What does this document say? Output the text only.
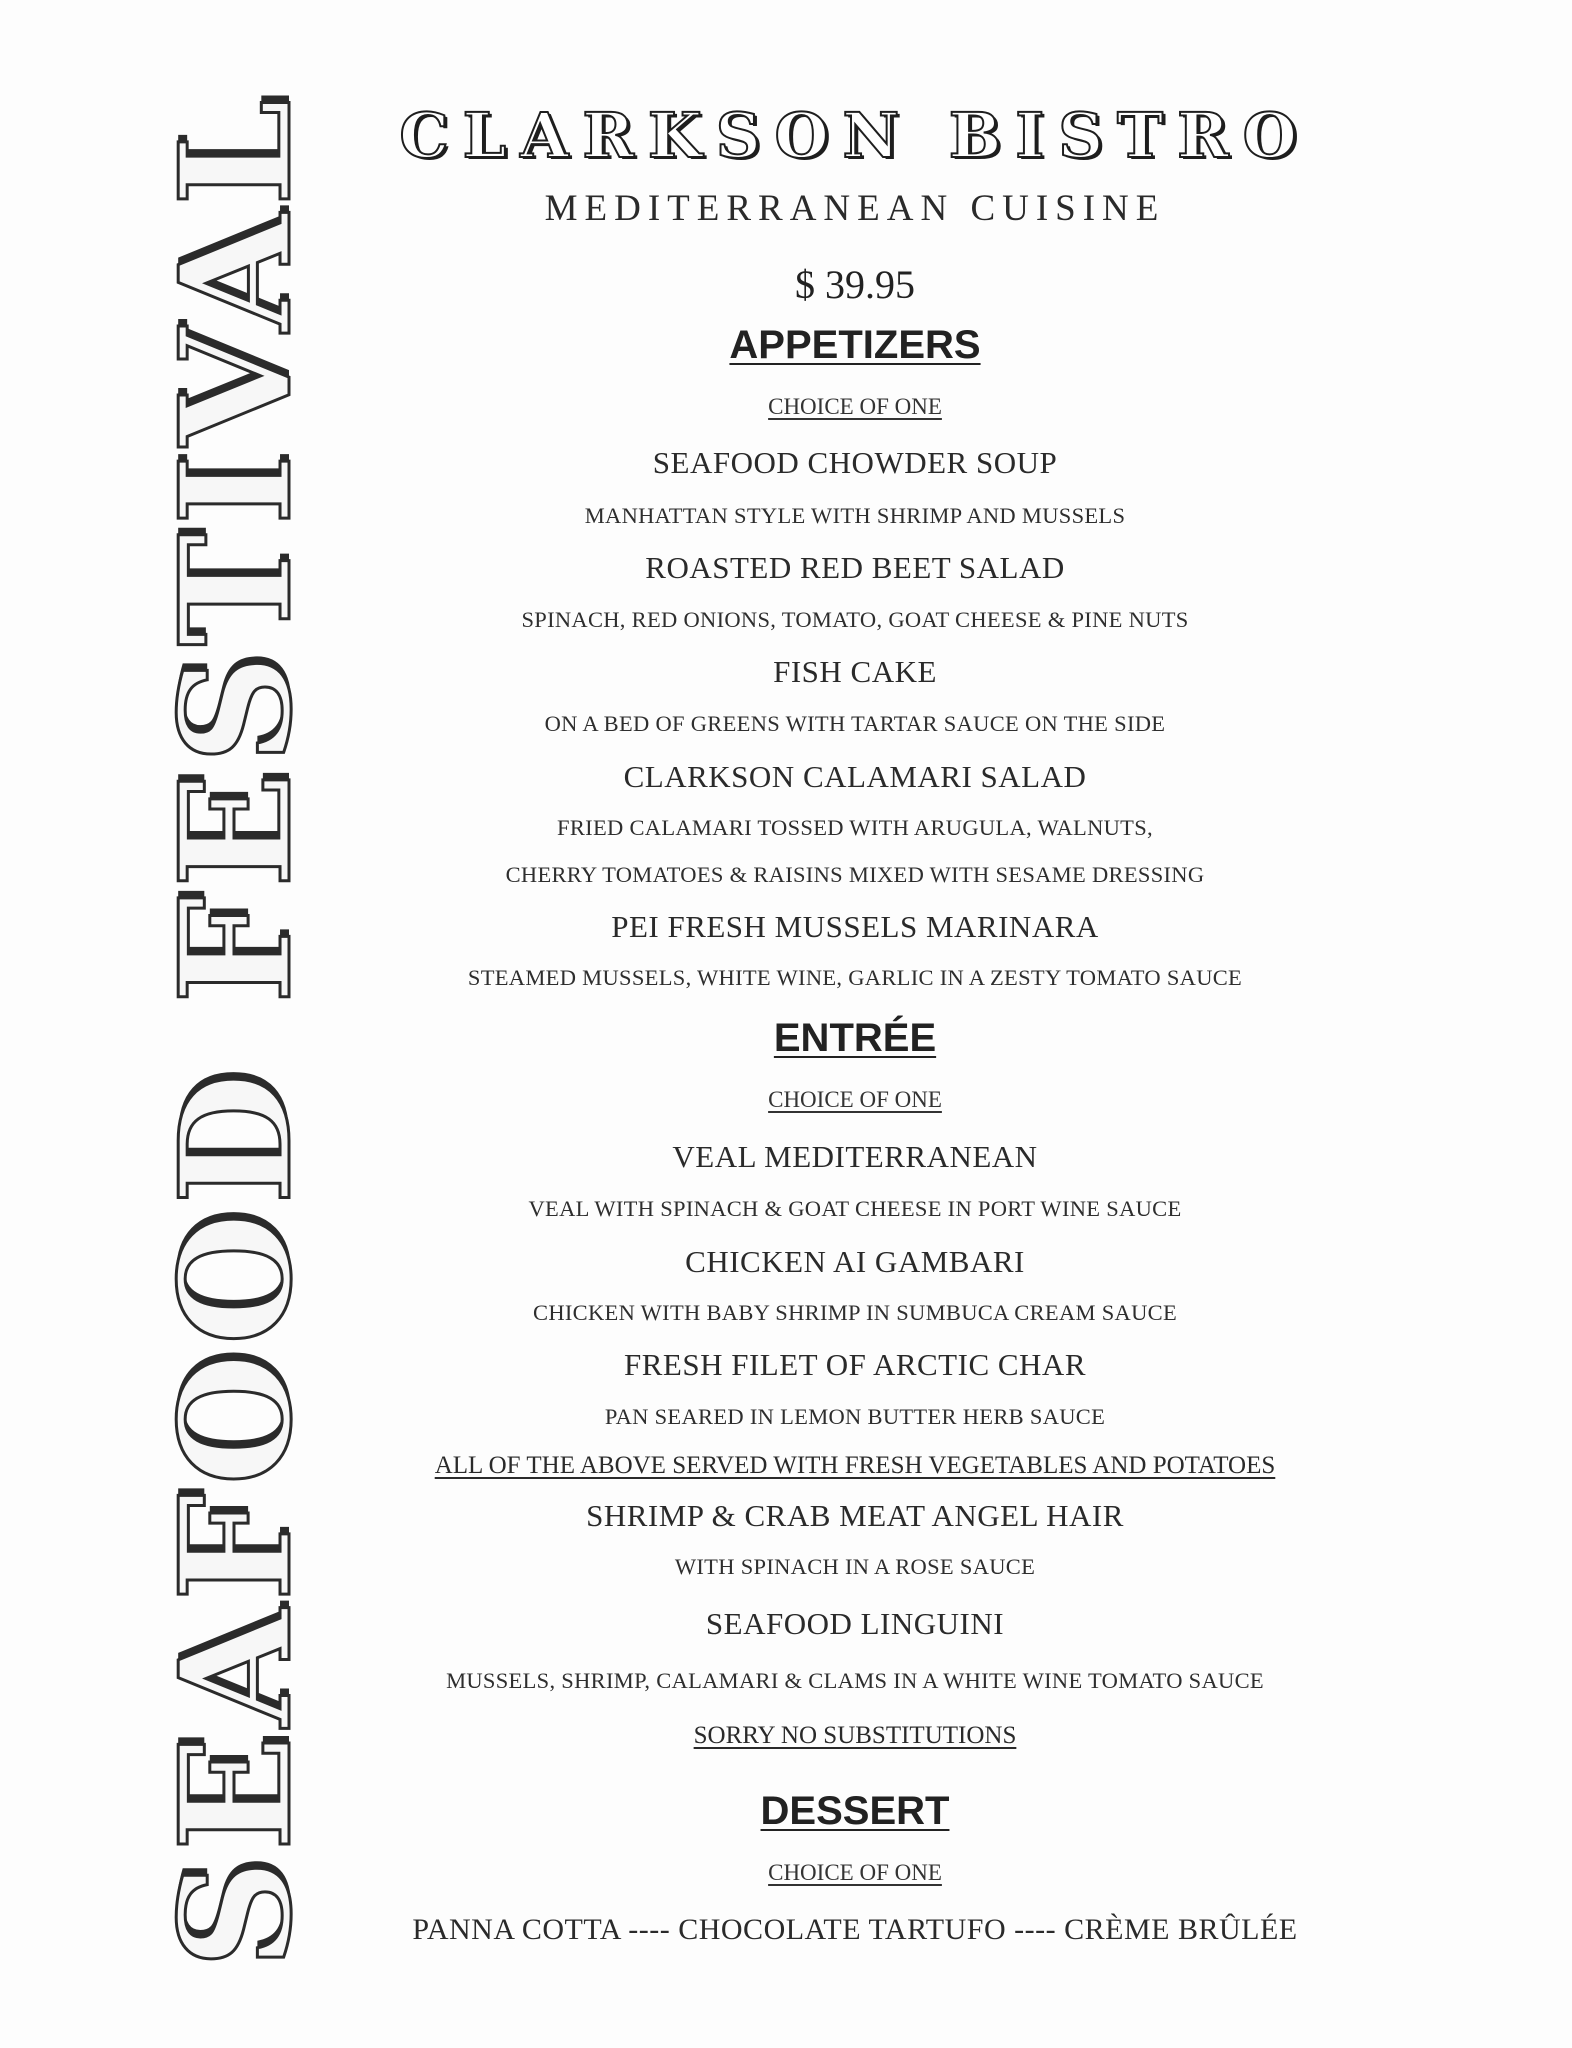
SEAFOOD FESTIVAL	CLARKSON BISTRO
MEDITERRANEAN CUISINE
$ 39.95
APPETIZERS
CHOICE OF ONE
SEAFOOD CHOWDER SOUP
MANHATTAN STYLE WITH SHRIMP AND MUSSELS
ROASTED RED BEET SALAD
SPINACH, RED ONIONS, TOMATO, GOAT CHEESE & PINE NUTS
FISH CAKE
ON A BED OF GREENS WITH TARTAR SAUCE ON THE SIDE
CLARKSON CALAMARI SALAD
FRIED CALAMARI TOSSED WITH ARUGULA, WALNUTS,
CHERRY TOMATOES & RAISINS MIXED WITH SESAME DRESSING
PEI FRESH MUSSELS MARINARA
STEAMED MUSSELS, WHITE WINE, GARLIC IN A ZESTY TOMATO SAUCE
ENTRÉE
CHOICE OF ONE
VEAL MEDITERRANEAN
VEAL WITH SPINACH & GOAT CHEESE IN PORT WINE SAUCE
CHICKEN AI GAMBARI
CHICKEN WITH BABY SHRIMP IN SUMBUCA CREAM SAUCE
FRESH FILET OF ARCTIC CHAR
PAN SEARED IN LEMON BUTTER HERB SAUCE
ALL OF THE ABOVE SERVED WITH FRESH VEGETABLES AND POTATOES
SHRIMP & CRAB MEAT ANGEL HAIR
WITH SPINACH IN A ROSE SAUCE
SEAFOOD LINGUINI
MUSSELS, SHRIMP, CALAMARI & CLAMS IN A WHITE WINE TOMATO SAUCE
SORRY NO SUBSTITUTIONS
DESSERT
CHOICE OF ONE
PANNA COTTA ---- CHOCOLATE TARTUFO ---- CRÈME BRÛLÉE
